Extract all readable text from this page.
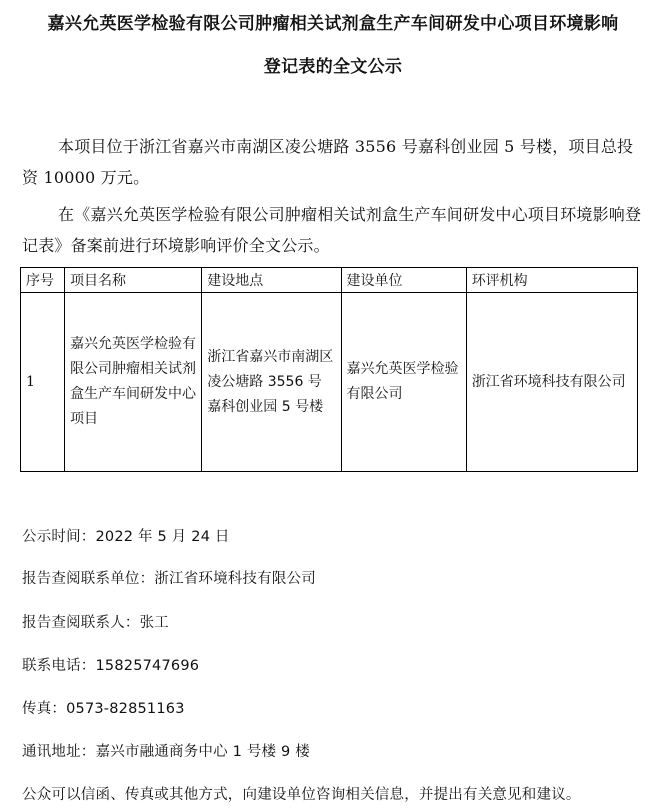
嘉兴允英医学检验有限公司肿瘤相关试剂盒生产车间研发中心项目环境影响
登记表的全文公示

本项目位于浙江省嘉兴市南湖区凌公塘路 3556 号嘉科创业园 5 号楼，项目总投资 10000 万元。

在《嘉兴允英医学检验有限公司肿瘤相关试剂盒生产车间研发中心项目环境影响登记表》备案前进行环境影响评价全文公示。

序号	项目名称	建设地点	建设单位	环评机构
1	嘉兴允英医学检验有限公司肿瘤相关试剂盒生产车间研发中心项目	浙江省嘉兴市南湖区凌公塘路 3556 号嘉科创业园 5 号楼	嘉兴允英医学检验有限公司	浙江省环境科技有限公司
公示时间：2022 年 5 月 24 日
报告查阅联系单位：浙江省环境科技有限公司
报告查阅联系人：张工
联系电话：15825747696
传真：0573-82851163
通讯地址：嘉兴市融通商务中心 1 号楼 9 楼
公众可以信函、传真或其他方式，向建设单位咨询相关信息，并提出有关意见和建议。
